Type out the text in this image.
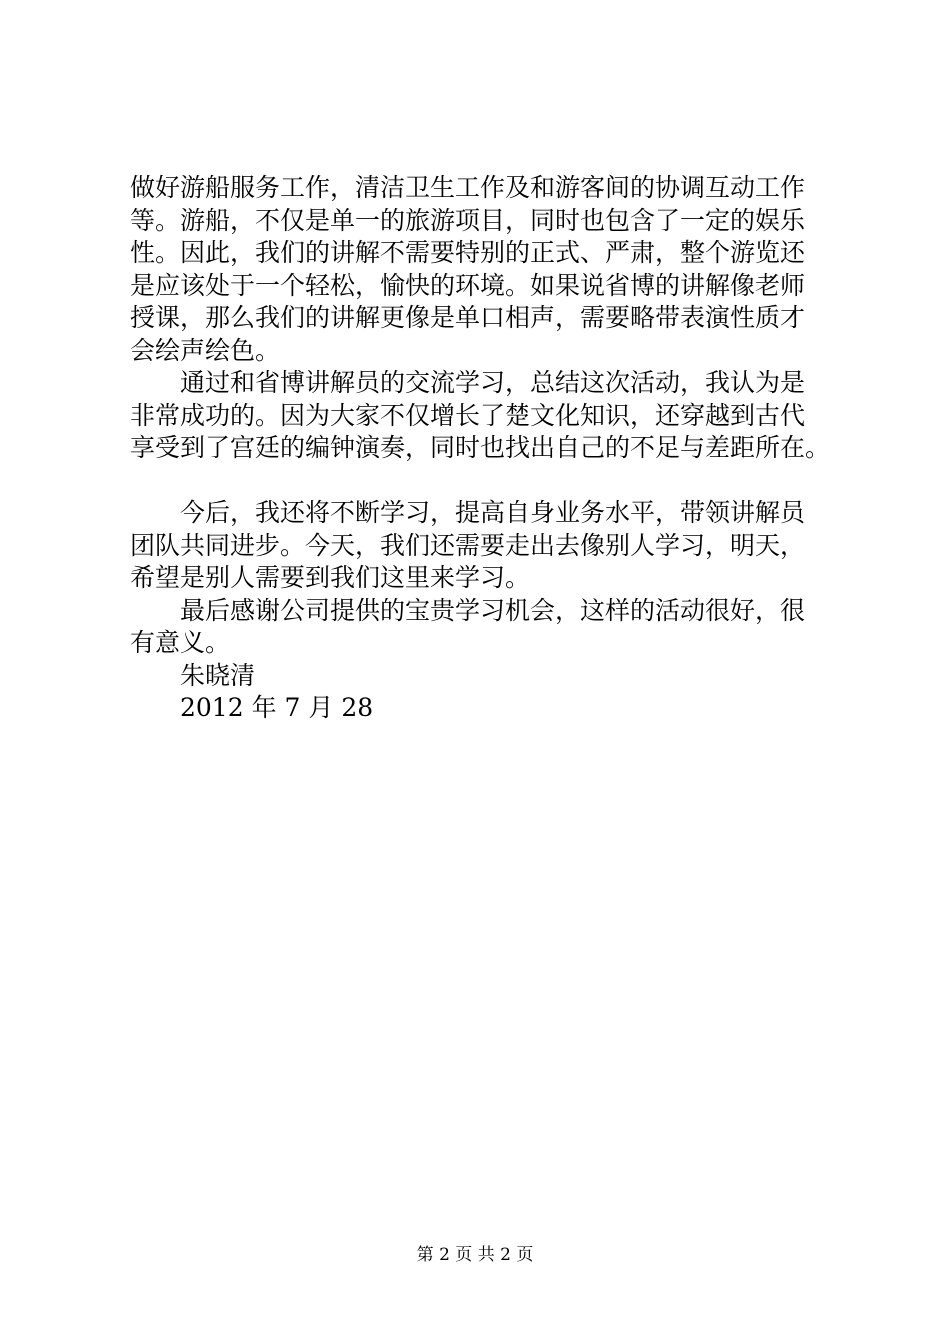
做好游船服务工作，清洁卫生工作及和游客间的协调互动工作
等。游船，不仅是单一的旅游项目，同时也包含了一定的娱乐
性。因此，我们的讲解不需要特别的正式、严肃，整个游览还
是应该处于一个轻松，愉快的环境。如果说省博的讲解像老师
授课，那么我们的讲解更像是单口相声，需要略带表演性质才
会绘声绘色。
通过和省博讲解员的交流学习，总结这次活动，我认为是
非常成功的。因为大家不仅增长了楚文化知识，还穿越到古代
享受到了宫廷的编钟演奏，同时也找出自己的不足与差距所在。
今后，我还将不断学习，提高自身业务水平，带领讲解员
团队共同进步。今天，我们还需要走出去像别人学习，明天，
希望是别人需要到我们这里来学习。
最后感谢公司提供的宝贵学习机会，这样的活动很好，很
有意义。
朱晓清
2012 年 7 月 28
第 2 页 共 2 页
